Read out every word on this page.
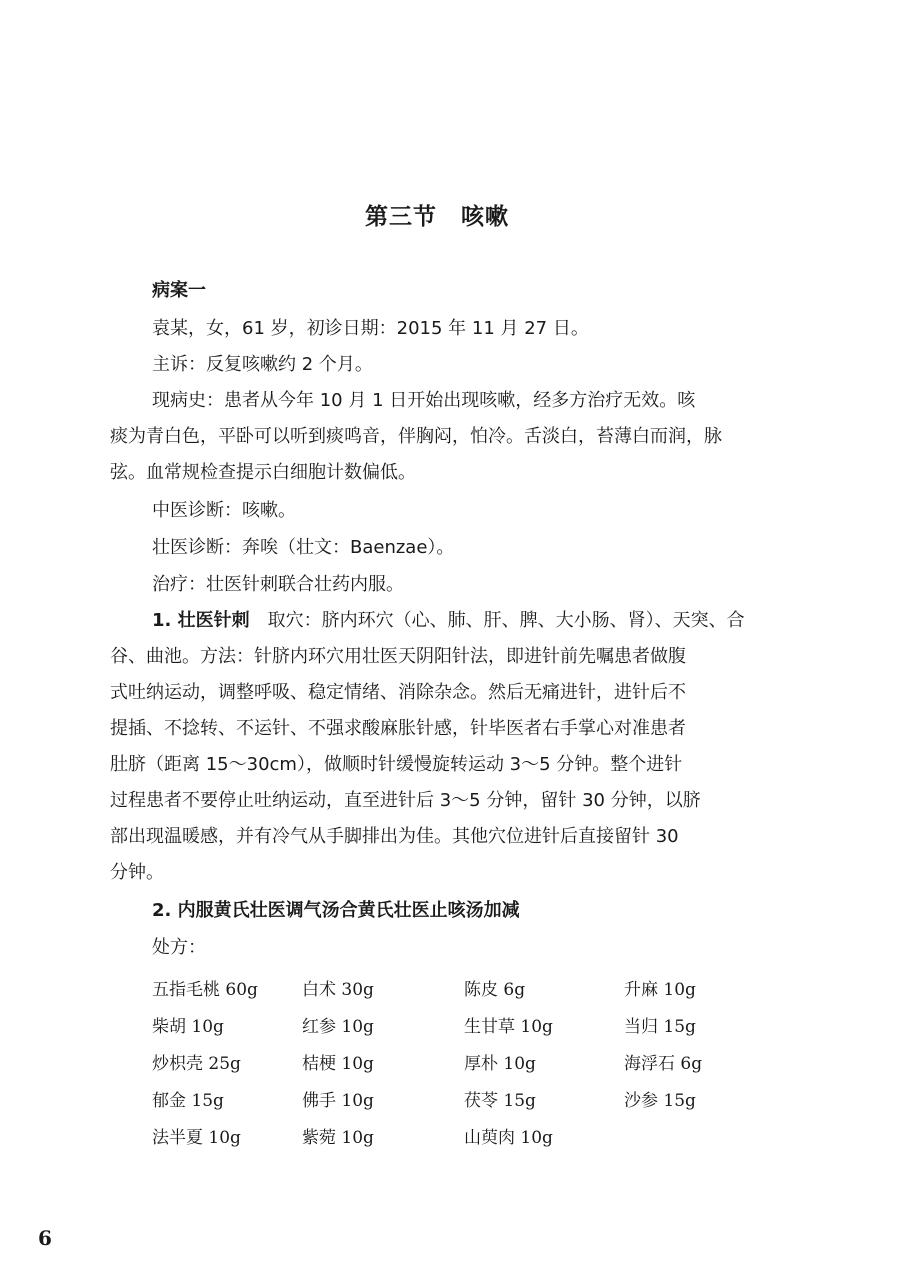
第三节　咳嗽
病案一
袁某，女，61 岁，初诊日期：2015 年 11 月 27 日。
主诉：反复咳嗽约 2 个月。
现病史：患者从今年 10 月 1 日开始出现咳嗽，经多方治疗无效。咳
痰为青白色，平卧可以听到痰鸣音，伴胸闷，怕冷。舌淡白，苔薄白而润，脉
弦。血常规检查提示白细胞计数偏低。
中医诊断：咳嗽。
壮医诊断：奔唉（壮文：Baenzae）。
治疗：壮医针刺联合壮药内服。
1. 壮医针刺　取穴：脐内环穴（心、肺、肝、脾、大小肠、肾）、天突、合
谷、曲池。方法：针脐内环穴用壮医天阴阳针法，即进针前先嘱患者做腹
式吐纳运动，调整呼吸、稳定情绪、消除杂念。然后无痛进针，进针后不
提插、不捻转、不运针、不强求酸麻胀针感，针毕医者右手掌心对准患者
肚脐（距离 15～30cm），做顺时针缓慢旋转运动 3～5 分钟。整个进针
过程患者不要停止吐纳运动，直至进针后 3～5 分钟，留针 30 分钟，以脐
部出现温暖感，并有冷气从手脚排出为佳。其他穴位进针后直接留针 30
分钟。
2. 内服黄氏壮医调气汤合黄氏壮医止咳汤加减
处方：
五指毛桃 60g	白术 30g	陈皮 6g	升麻 10g
柴胡 10g	红参 10g	生甘草 10g	当归 15g
炒枳壳 25g	桔梗 10g	厚朴 10g	海浮石 6g
郁金 15g	佛手 10g	茯苓 15g	沙参 15g
法半夏 10g	紫菀 10g	山萸肉 10g
6
